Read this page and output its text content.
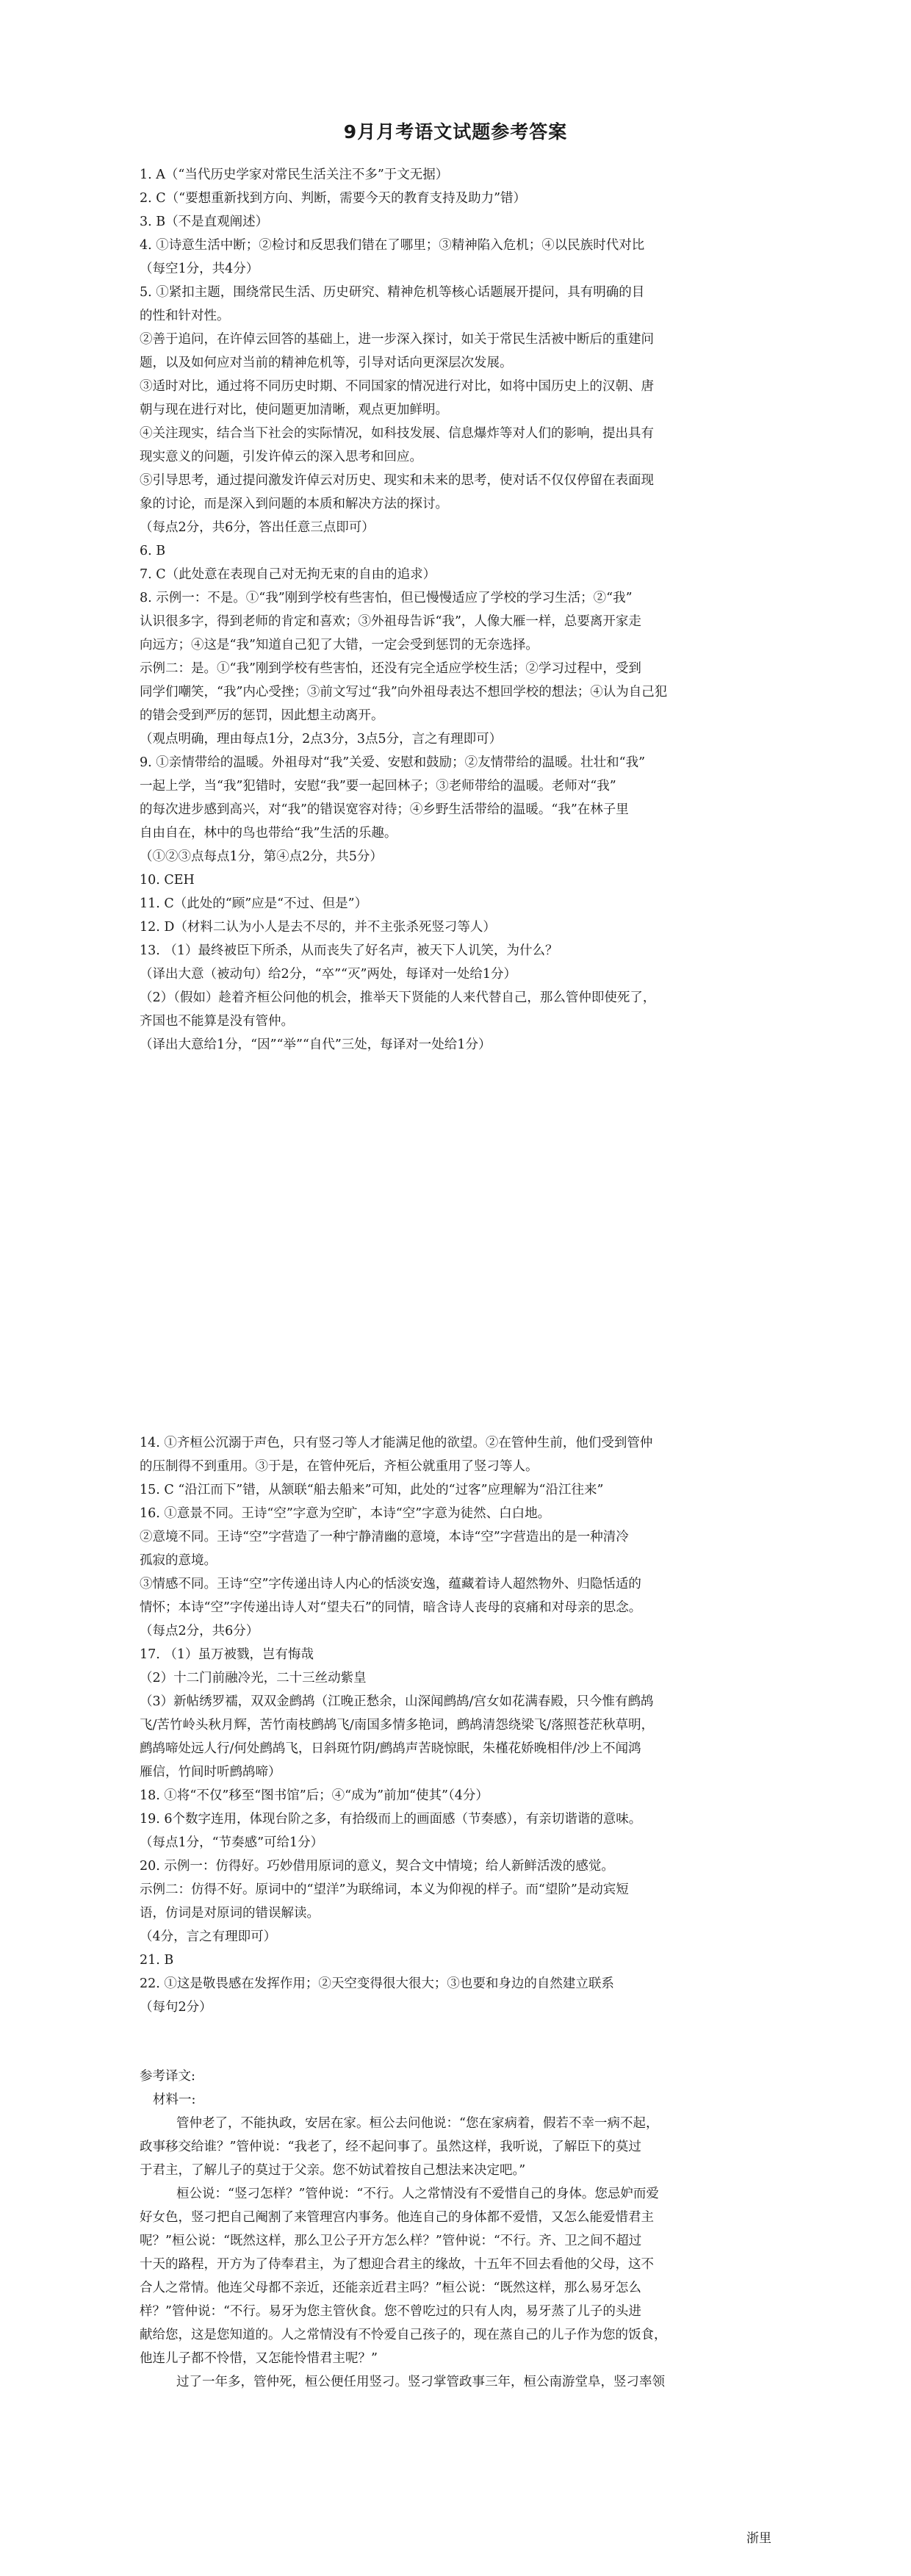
9月月考语文试题参考答案
1. A（“当代历史学家对常民生活关注不多”于文无据）
2. C（“要想重新找到方向、判断，需要今天的教育支持及助力”错）
3. B（不是直观阐述）
4. ①诗意生活中断；②检讨和反思我们错在了哪里；③精神陷入危机；④以民族时代对比
（每空1分，共4分）
5. ①紧扣主题，围绕常民生活、历史研究、精神危机等核心话题展开提问，具有明确的目
的性和针对性。
②善于追问，在许倬云回答的基础上，进一步深入探讨，如关于常民生活被中断后的重建问
题，以及如何应对当前的精神危机等，引导对话向更深层次发展。
③适时对比，通过将不同历史时期、不同国家的情况进行对比，如将中国历史上的汉朝、唐
朝与现在进行对比，使问题更加清晰，观点更加鲜明。
④关注现实，结合当下社会的实际情况，如科技发展、信息爆炸等对人们的影响，提出具有
现实意义的问题，引发许倬云的深入思考和回应。
⑤引导思考，通过提问激发许倬云对历史、现实和未来的思考，使对话不仅仅停留在表面现
象的讨论，而是深入到问题的本质和解决方法的探讨。
（每点2分，共6分，答出任意三点即可）
6. B
7. C（此处意在表现自己对无拘无束的自由的追求）
8. 示例一：不是。①“我”刚到学校有些害怕，但已慢慢适应了学校的学习生活；②“我”
认识很多字，得到老师的肯定和喜欢；③外祖母告诉“我”，人像大雁一样，总要离开家走
向远方；④这是“我”知道自己犯了大错，一定会受到惩罚的无奈选择。
示例二：是。①“我”刚到学校有些害怕，还没有完全适应学校生活；②学习过程中，受到
同学们嘲笑，“我”内心受挫；③前文写过“我”向外祖母表达不想回学校的想法；④认为自己犯
的错会受到严厉的惩罚，因此想主动离开。
（观点明确，理由每点1分，2点3分，3点5分，言之有理即可）
9. ①亲情带给的温暖。外祖母对“我”关爱、安慰和鼓励；②友情带给的温暖。壮壮和“我”
一起上学，当“我”犯错时，安慰“我”要一起回林子；③老师带给的温暖。老师对“我”
的每次进步感到高兴，对“我”的错误宽容对待；④乡野生活带给的温暖。“我”在林子里
自由自在，林中的鸟也带给“我”生活的乐趣。
（①②③点每点1分，第④点2分，共5分）
10. CEH
11. C（此处的“顾”应是“不过、但是”）
12. D（材料二认为小人是去不尽的，并不主张杀死竖刁等人）
13. （1）最终被臣下所杀，从而丧失了好名声，被天下人讥笑，为什么？
（译出大意（被动句）给2分，“卒”“灭”两处，每译对一处给1分）
（2）（假如）趁着齐桓公问他的机会，推举天下贤能的人来代替自己，那么管仲即使死了，
齐国也不能算是没有管仲。
（译出大意给1分，“因”“举”“自代”三处，每译对一处给1分）
14. ①齐桓公沉溺于声色，只有竖刁等人才能满足他的欲望。②在管仲生前，他们受到管仲
的压制得不到重用。③于是，在管仲死后，齐桓公就重用了竖刁等人。
15. C “沿江而下”错，从颔联“船去船来”可知，此处的“过客”应理解为“沿江往来”
16. ①意景不同。王诗“空”字意为空旷，本诗“空”字意为徒然、白白地。
②意境不同。王诗“空”字营造了一种宁静清幽的意境，本诗“空”字营造出的是一种清冷
孤寂的意境。
③情感不同。王诗“空”字传递出诗人内心的恬淡安逸，蕴藏着诗人超然物外、归隐恬适的
情怀；本诗“空”字传递出诗人对“望夫石”的同情，暗含诗人丧母的哀痛和对母亲的思念。
（每点2分，共6分）
17. （1）虽万被戮，岂有悔哉
（2）十二门前融冷光，二十三丝动紫皇
（3）新帖绣罗襦，双双金鹧鸪（江晚正愁余，山深闻鹧鸪/宫女如花满春殿，只今惟有鹧鸪
飞/苦竹岭头秋月辉，苦竹南枝鹧鸪飞/南国多情多艳词，鹧鸪清怨绕梁飞/落照苍茫秋草明，
鹧鸪啼处远人行/何处鹧鸪飞，日斜斑竹阴/鹧鸪声苦晓惊眠，朱槿花娇晚相伴/沙上不闻鸿
雁信，竹间时听鹧鸪啼）
18. ①将“不仅”移至“图书馆”后；④“成为”前加“使其”（4分）
19. 6个数字连用，体现台阶之多，有拾级而上的画面感（节奏感），有亲切谐谐的意味。
（每点1分，“节奏感”可给1分）
20. 示例一：仿得好。巧妙借用原词的意义，契合文中情境；给人新鲜活泼的感觉。
示例二：仿得不好。原词中的“望洋”为联绵词，本义为仰视的样子。而“望阶”是动宾短
语，仿词是对原词的错误解读。
（4分，言之有理即可）
21. B
22. ①这是敬畏感在发挥作用；②天空变得很大很大；③也要和身边的自然建立联系
（每句2分）
参考译文:
材料一:
管仲老了，不能执政，安居在家。桓公去问他说：“您在家病着，假若不幸一病不起，
政事移交给谁？”管仲说：“我老了，经不起问事了。虽然这样，我听说，了解臣下的莫过
于君主，了解儿子的莫过于父亲。您不妨试着按自己想法来决定吧。”
桓公说：“竖刁怎样？”管仲说：“不行。人之常情没有不爱惜自己的身体。您忌妒而爱
好女色，竖刁把自己阉割了来管理宫内事务。他连自己的身体都不爱惜，又怎么能爱惜君主
呢？”桓公说：“既然这样，那么卫公子开方怎么样？”管仲说：“不行。齐、卫之间不超过
十天的路程，开方为了侍奉君主，为了想迎合君主的缘故，十五年不回去看他的父母，这不
合人之常情。他连父母都不亲近，还能亲近君主吗？”桓公说：“既然这样，那么易牙怎么
样？”管仲说：“不行。易牙为您主管伙食。您不曾吃过的只有人肉，易牙蒸了儿子的头进
献给您，这是您知道的。人之常情没有不怜爱自己孩子的，现在蒸自己的儿子作为您的饭食，
他连儿子都不怜惜，又怎能怜惜君主呢？”
过了一年多，管仲死，桓公便任用竖刁。竖刁掌管政事三年，桓公南游堂阜，竖刁率领
浙里
